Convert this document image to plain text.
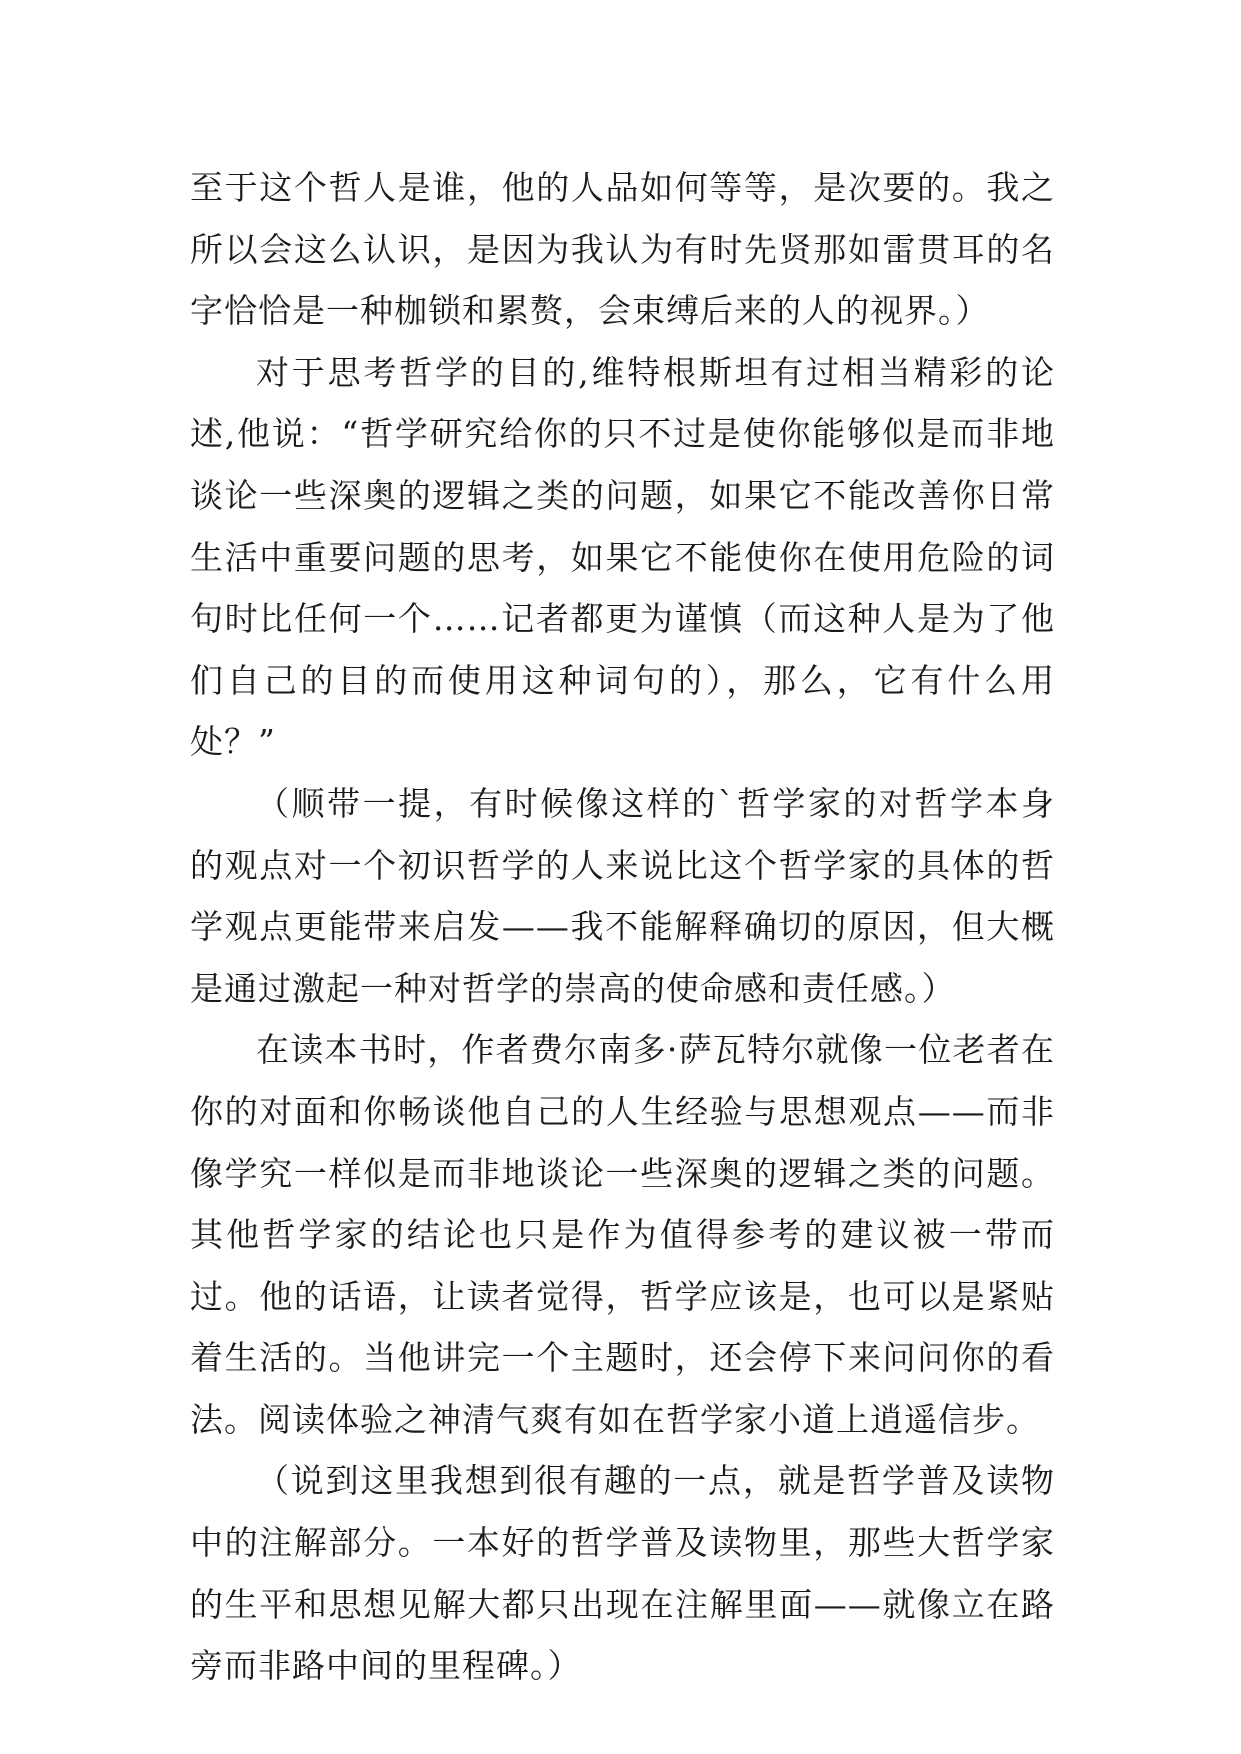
至于这个哲人是谁，他的人品如何等等，是次要的。我之所以会这么认识，是因为我认为有时先贤那如雷贯耳的名字恰恰是一种枷锁和累赘，会束缚后来的人的视界。）

对于思考哲学的目的,维特根斯坦有过相当精彩的论述,他说：“哲学研究给你的只不过是使你能够似是而非地谈论一些深奥的逻辑之类的问题，如果它不能改善你日常生活中重要问题的思考，如果它不能使你在使用危险的词句时比任何一个……记者都更为谨慎（而这种人是为了他们自己的目的而使用这种词句的），那么，它有什么用处？”

（顺带一提，有时候像这样的`哲学家的对哲学本身的观点对一个初识哲学的人来说比这个哲学家的具体的哲学观点更能带来启发——我不能解释确切的原因，但大概是通过激起一种对哲学的崇高的使命感和责任感。）

在读本书时，作者费尔南多·萨瓦特尔就像一位老者在你的对面和你畅谈他自己的人生经验与思想观点——而非像学究一样似是而非地谈论一些深奥的逻辑之类的问题。其他哲学家的结论也只是作为值得参考的建议被一带而过。他的话语，让读者觉得，哲学应该是，也可以是紧贴着生活的。当他讲完一个主题时，还会停下来问问你的看法。阅读体验之神清气爽有如在哲学家小道上逍遥信步。

（说到这里我想到很有趣的一点，就是哲学普及读物中的注解部分。一本好的哲学普及读物里，那些大哲学家的生平和思想见解大都只出现在注解里面——就像立在路旁而非路中间的里程碑。）
